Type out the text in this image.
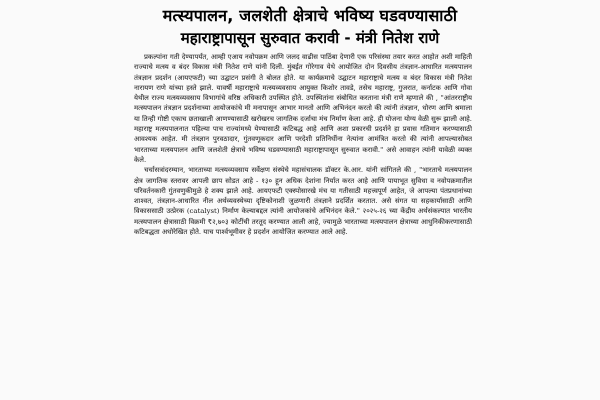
मत्स्यपालन, जलशेती क्षेत्राचे भविष्य घडवण्यासाठी
महाराष्ट्रापासून सुरुवात करावी - मंत्री नितेश राणे

प्रकल्पांना गती देण्यापर्यंत, आम्ही एआय नवोपक्रम आणि जलद वाढीस पाठिंबा देणारी एक परिसंस्था तयार करत आहोत अशी माहिती राज्याचे मत्स्य व बंदर विकास मंत्री नितेश राणे यांनी दिली. मुंबईत गोरेगाव येथे आयोजित दोन दिवसीय तंत्रज्ञान-आधारित मत्स्यपालन तंत्रज्ञान प्रदर्शन (आयएफटी) च्या उद्घाटन प्रसंगी ते बोलत होते. या कार्यक्रमाचे उद्घाटन महाराष्ट्राचे मत्स्य व बंदर विकास मंत्री नितेश नारायण राणे यांच्या हस्ते झाले. यावर्षी महाराष्ट्राचे मत्स्यव्यवसाय आयुक्त किशोर तावडे, तसेच महाराष्ट्र, गुजरात, कर्नाटक आणि गोवा येथील राज्य मत्स्यव्यवसाय विभागांचे वरिष्ठ अधिकारी उपस्थित होते. उपस्थितांना संबोधित करताना मंत्री राणे म्हणाले की , "आंतरराष्ट्रीय मत्स्यपालन तंत्रज्ञान प्रदर्शनाच्या आयोजकांचे मी मनापासून आभार मानतो आणि अभिनंदन करतो की त्यांनी तंत्रज्ञान, धोरण आणि श्रमाला या तिन्ही गोष्टी एकाच छताखाली आणण्यासाठी खरोखरच जागतिक दर्जाचा मंच निर्माण केला आहे. ही योजना योग्य वेळी सुरू झाली आहे. महाराष्ट्र मत्स्यपालनात पहिल्या पाच राज्यांमध्ये येण्यासाठी कटिबद्ध आहे आणि अशा प्रकारची प्रदर्शने हा प्रवास गतिमान करण्यासाठी आवश्यक आहेत. मी तंत्रज्ञान पुरवठादार, गुंतवणूकदार आणि परदेशी प्रतिनिधींना नेत्यांना आमंत्रित करतो की त्यांनी आपल्यासोबत भारताच्या मत्स्यपालन आणि जलशेती क्षेत्राचे भविष्य घडवण्यासाठी महाराष्ट्रापासून सुरुवात करावी." असे आवाहन त्यांनी यावेळी व्यक्त केले.

चर्चासत्रांदरम्यान, भारताच्या मत्स्यव्यवसाय सर्वेक्षण संस्थेचे महासंचालक डॉक्टर के.आर. यांनी सांगितले की , "भारताचे मत्स्यपालन क्षेत्र जागतिक स्तरावर आपली छाप सोडत आहे - १३० हून अधिक देशांना निर्यात करत आहे आणि पायाभूत सुविधा व नवोपक्रमातील परिवर्तनकारी गुंतवणुकीमुळे हे शक्य झाले आहे. आयएफटी एक्स्पोसारखे मंच या गतीसाठी महत्त्वपूर्ण आहेत, जे आपल्या पंतप्रधानांच्या शाश्वत, तंत्रज्ञान-आधारित नील अर्थव्यवस्थेच्या दृष्टिकोनाशी जुळणारी तंत्रज्ञाने प्रदर्शित करतात. असे संगत या सहकार्यासाठी आणि विकाससाठी उत्प्रेरक (catalyst) निर्माण केल्याबद्दल त्यांनी आयोजकांचे अभिनंदन केले." २०२५-२६ च्या केंद्रीय अर्थसंकल्पात भारतीय मत्स्यपालन क्षेत्रासाठी विक्रमी ₹२,७०३ कोटींची तरतूद करण्यात आली आहे, ज्यामुळे भारताच्या मत्स्यपालन क्षेत्राच्या आधुनिकीकरणासाठी कटिबद्धता अधोरेखित होते. याच पार्श्वभूमीवर हे प्रदर्शन आयोजित करण्यात आले आहे.
